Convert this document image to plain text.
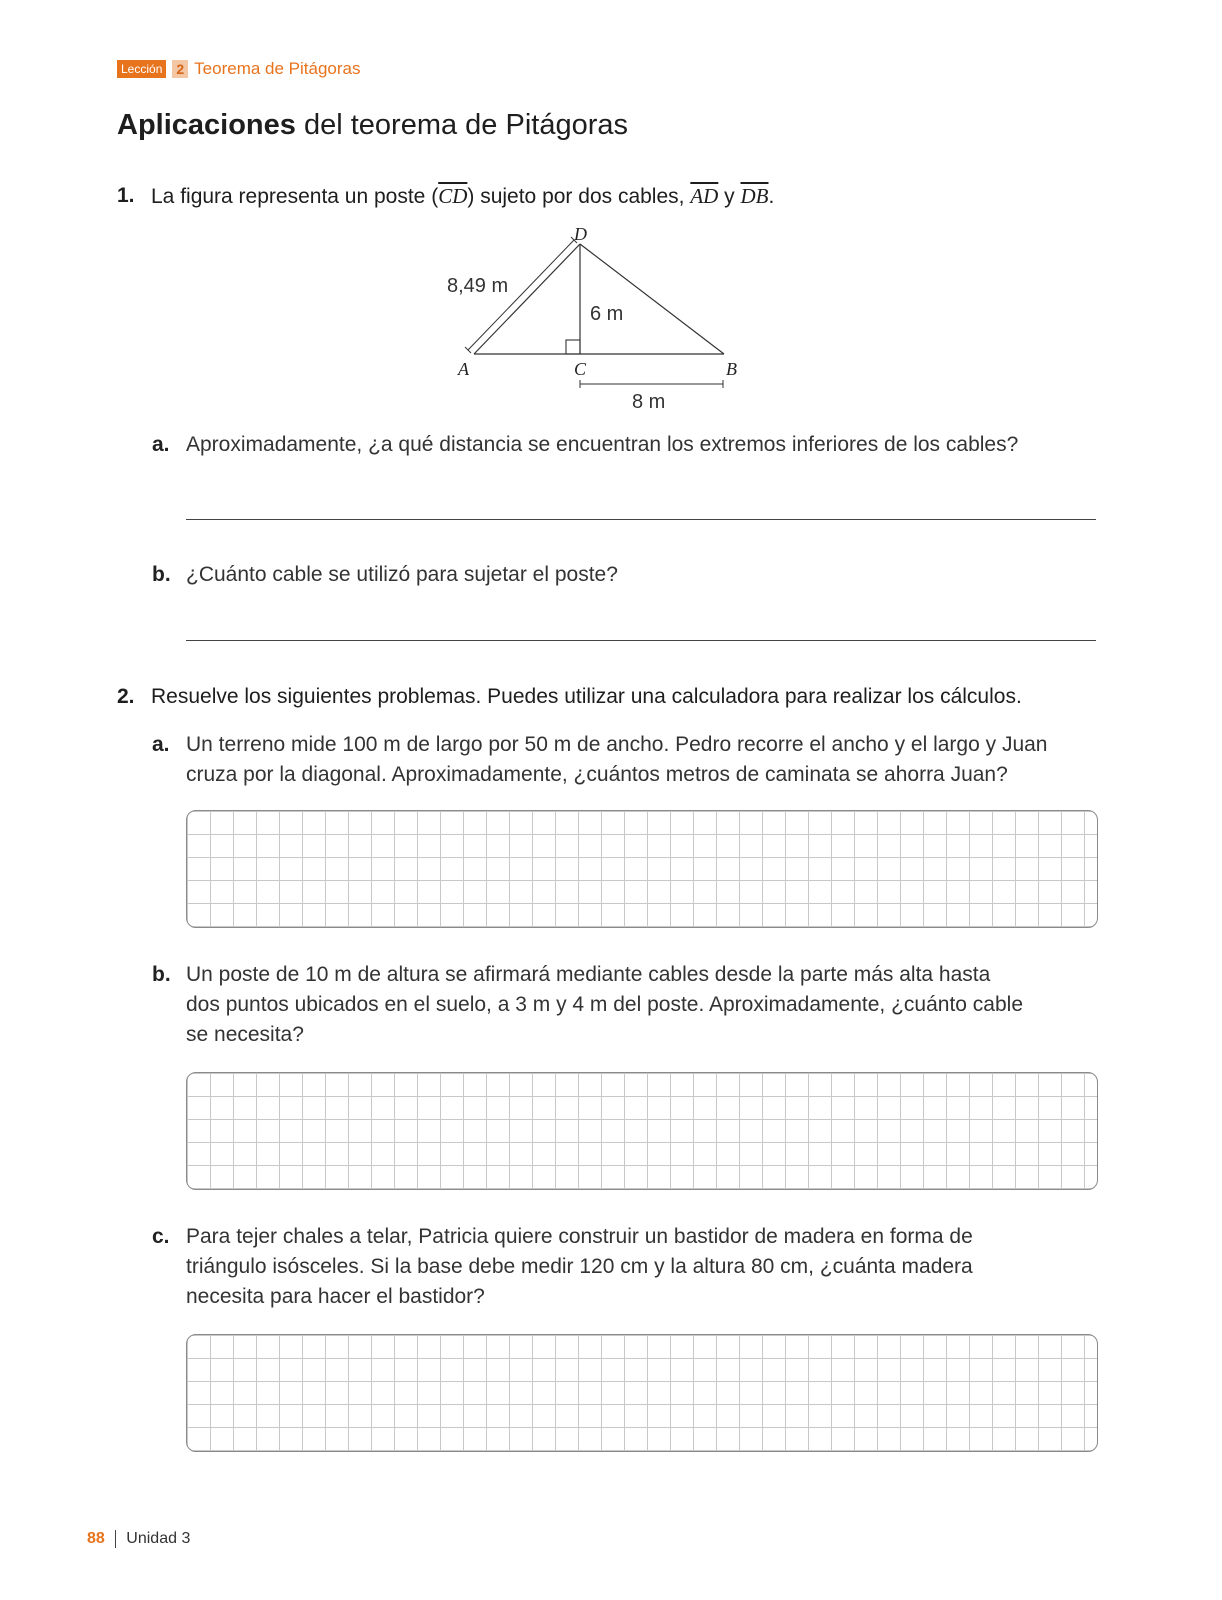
Lección 2 Teorema de Pitágoras
Aplicaciones del teorema de Pitágoras
1. La figura representa un poste $(\overline{CD})$ sujeto por dos cables, $\overline{AD}$ y $\overline{DB}$.
D
A	C	B
8,49 m
6 m
8 m
a. Aproximadamente, ¿a qué distancia se encuentran los extremos inferiores de los cables?
b. ¿Cuánto cable se utilizó para sujetar el poste?
2. Resuelve los siguientes problemas. Puedes utilizar una calculadora para realizar los cálculos.
a. Un terreno mide 100 m de largo por 50 m de ancho. Pedro recorre el ancho y el largo y Juan
cruza por la diagonal. Aproximadamente, ¿cuántos metros de caminata se ahorra Juan?
b. Un poste de 10 m de altura se afirmará mediante cables desde la parte más alta hasta
dos puntos ubicados en el suelo, a 3 m y 4 m del poste. Aproximadamente, ¿cuánto cable
se necesita?
c. Para tejer chales a telar, Patricia quiere construir un bastidor de madera en forma de
triángulo isósceles. Si la base debe medir 120 cm y la altura 80 cm, ¿cuánta madera
necesita para hacer el bastidor?
88 Unidad 3
